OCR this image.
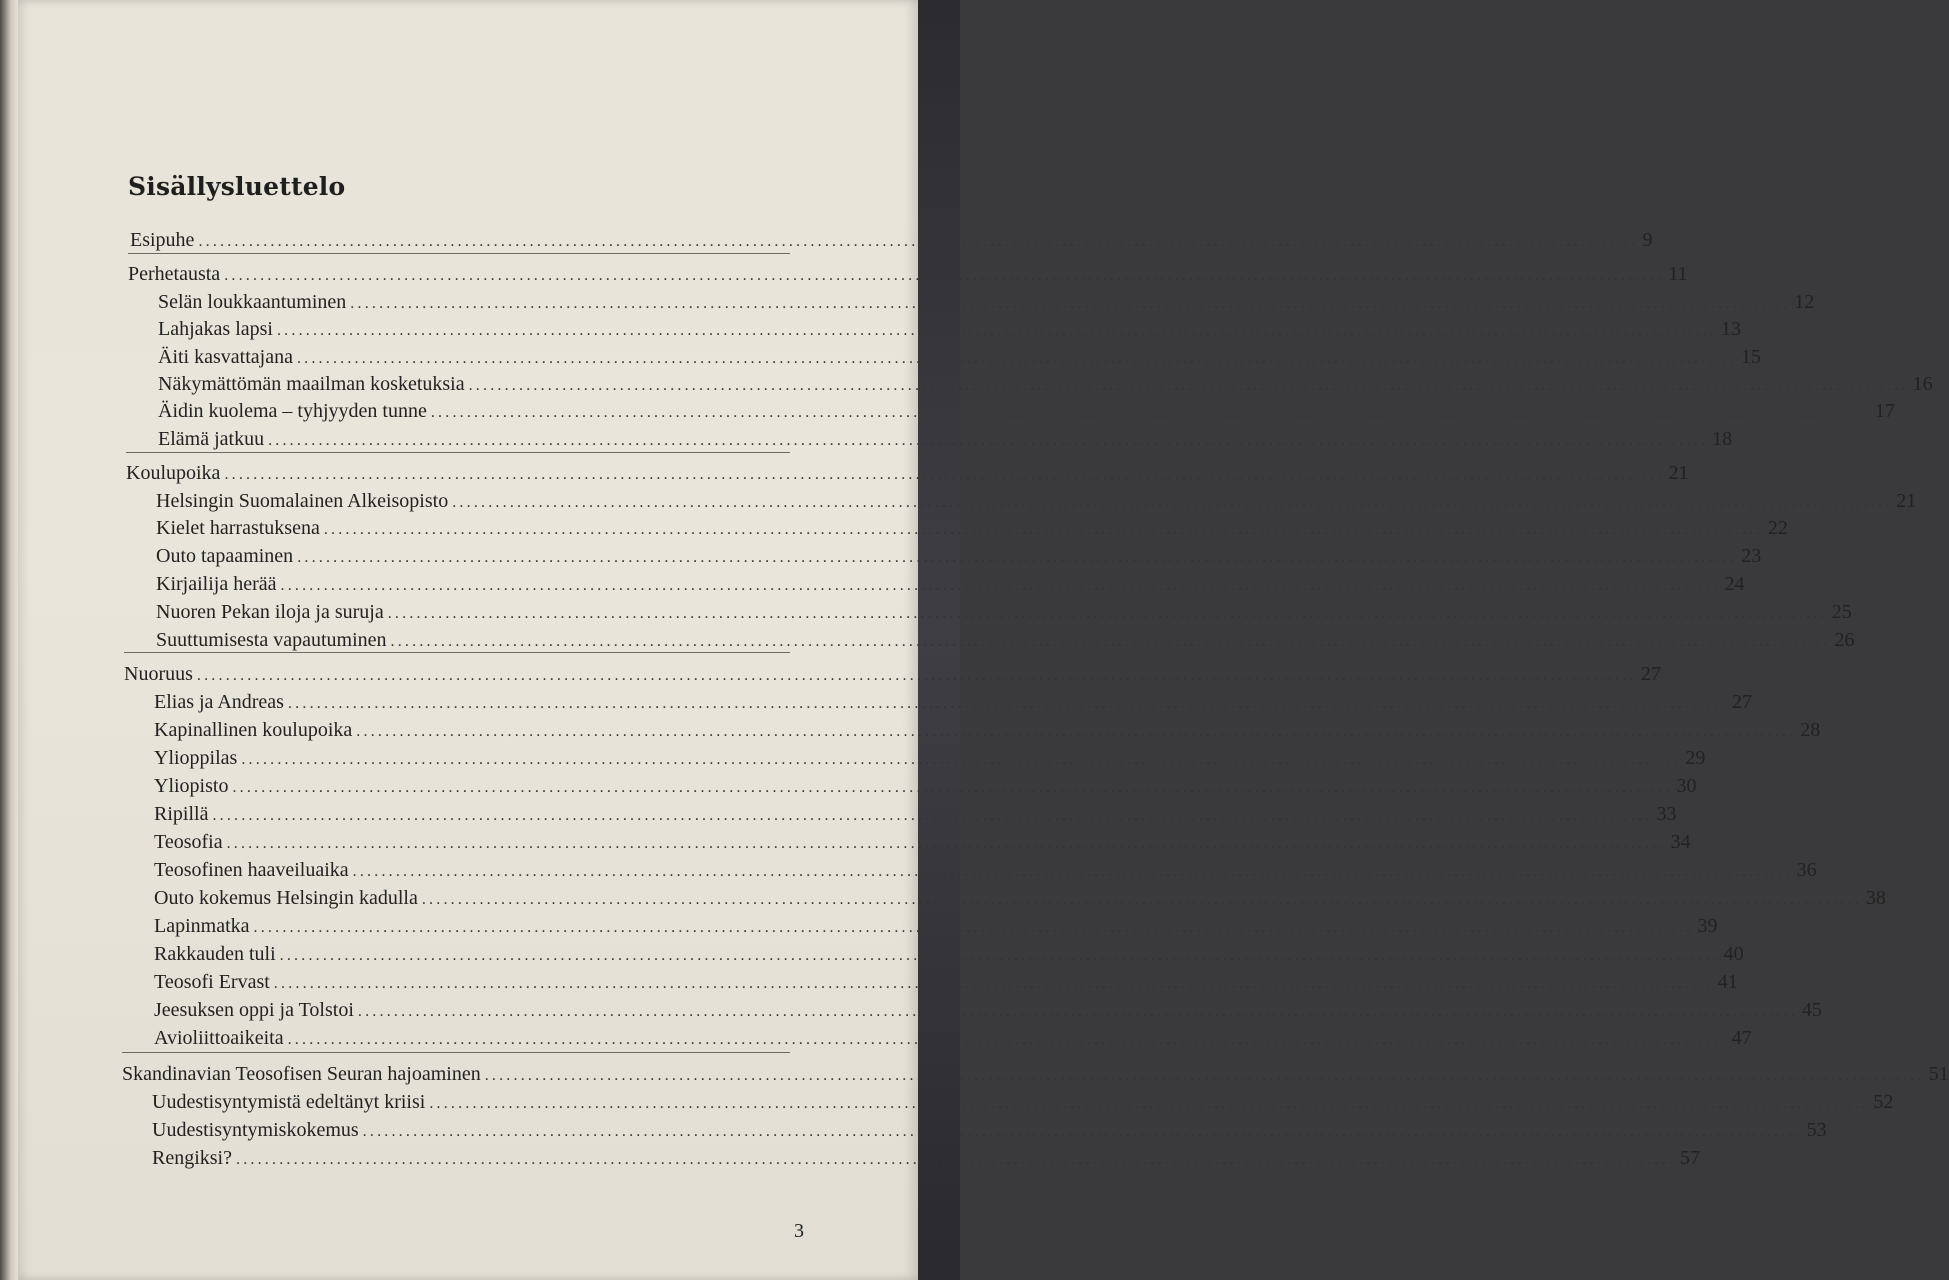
Sisällysluettelo
Esipuhe ........................................................................................................................................................................................................ 9
Perhetausta ........................................................................................................................................................................................................ 11
Selän loukkaantuminen ........................................................................................................................................................................................................ 12
Lahjakas lapsi ........................................................................................................................................................................................................ 13
Äiti kasvattajana ........................................................................................................................................................................................................ 15
Näkymättömän maailman kosketuksia ........................................................................................................................................................................................................ 16
Äidin kuolema – tyhjyyden tunne ........................................................................................................................................................................................................ 17
Elämä jatkuu ........................................................................................................................................................................................................ 18
Koulupoika ........................................................................................................................................................................................................ 21
Helsingin Suomalainen Alkeisopisto ........................................................................................................................................................................................................ 21
Kielet harrastuksena ........................................................................................................................................................................................................ 22
Outo tapaaminen ........................................................................................................................................................................................................ 23
Kirjailija herää ........................................................................................................................................................................................................ 24
Nuoren Pekan iloja ja suruja ........................................................................................................................................................................................................ 25
Suuttumisesta vapautuminen ........................................................................................................................................................................................................ 26
Nuoruus ........................................................................................................................................................................................................ 27
Elias ja Andreas ........................................................................................................................................................................................................ 27
Kapinallinen koulupoika ........................................................................................................................................................................................................ 28
Ylioppilas ........................................................................................................................................................................................................ 29
Yliopisto ........................................................................................................................................................................................................ 30
Ripillä ........................................................................................................................................................................................................ 33
Teosofia ........................................................................................................................................................................................................ 34
Teosofinen haaveiluaika ........................................................................................................................................................................................................ 36
Outo kokemus Helsingin kadulla ........................................................................................................................................................................................................ 38
Lapinmatka ........................................................................................................................................................................................................ 39
Rakkauden tuli ........................................................................................................................................................................................................ 40
Teosofi Ervast ........................................................................................................................................................................................................ 41
Jeesuksen oppi ja Tolstoi ........................................................................................................................................................................................................ 45
Avioliittoaikeita ........................................................................................................................................................................................................ 47
Skandinavian Teosofisen Seuran hajoaminen ........................................................................................................................................................................................................ 51
Uudestisyntymistä edeltänyt kriisi ........................................................................................................................................................................................................ 52
Uudestisyntymiskokemus ........................................................................................................................................................................................................ 53
Rengiksi? ........................................................................................................................................................................................................ 57
3
